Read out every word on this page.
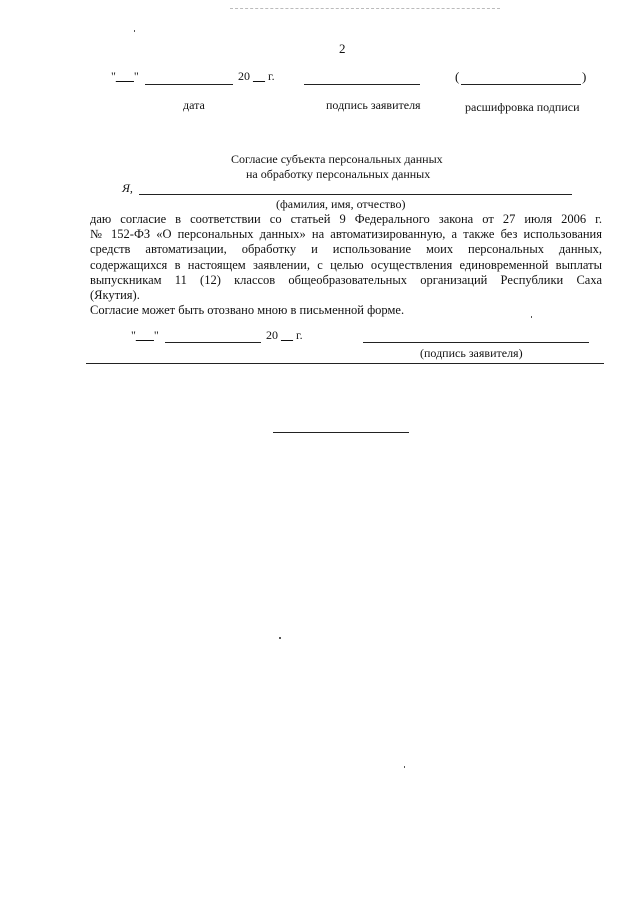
2
"___"	20 __ г.	(	)
дата	подпись заявителя	расшифровка подписи
Согласие субъекта персональных данных
на обработку персональных данных
Я,
(фамилия, имя, отчество)
даю согласие в соответствии со статьей 9 Федерального закона от 27 июля 2006 г.
№ 152-ФЗ «О персональных данных» на автоматизированную, а также без использования
средств автоматизации, обработку и использование моих персональных данных,
содержащихся в настоящем заявлении, с целью осуществления единовременной выплаты
выпускникам 11 (12) классов общеобразовательных организаций Республики Саха
(Якутия).
Согласие может быть отозвано мною в письменной форме.
"___"	20 __ г.
(подпись заявителя)
